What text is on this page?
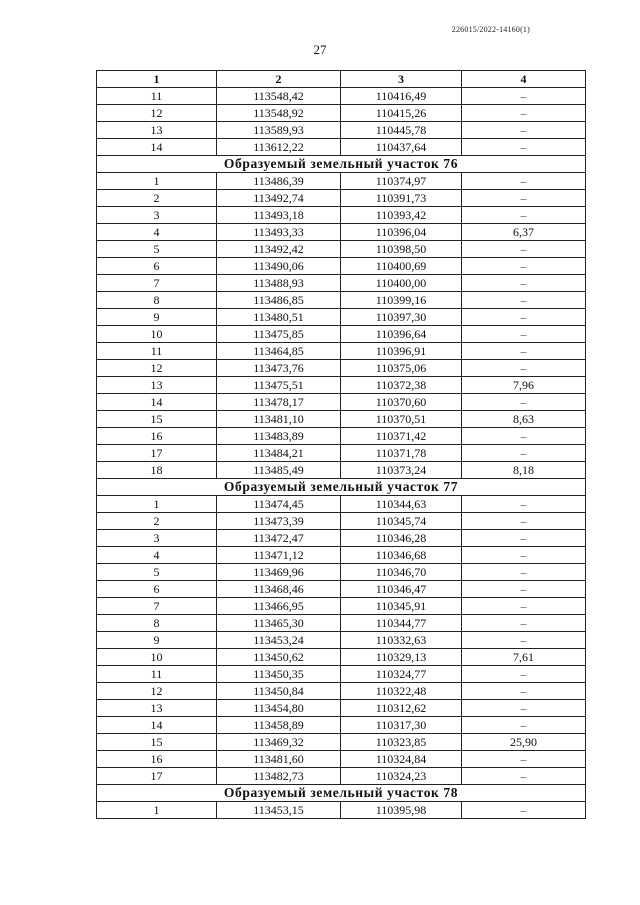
226015/2022-14160(1)
27
1	2	3	4
11	113548,42	110416,49	–
12	113548,92	110415,26	–
13	113589,93	110445,78	–
14	113612,22	110437,64	–
Образуемый земельный участок 76			
1	113486,39	110374,97	–
2	113492,74	110391,73	–
3	113493,18	110393,42	–
4	113493,33	110396,04	6,37
5	113492,42	110398,50	–
6	113490,06	110400,69	–
7	113488,93	110400,00	–
8	113486,85	110399,16	–
9	113480,51	110397,30	–
10	113475,85	110396,64	–
11	113464,85	110396,91	–
12	113473,76	110375,06	–
13	113475,51	110372,38	7,96
14	113478,17	110370,60	–
15	113481,10	110370,51	8,63
16	113483,89	110371,42	–
17	113484,21	110371,78	–
18	113485,49	110373,24	8,18
Образуемый земельный участок 77			
1	113474,45	110344,63	–
2	113473,39	110345,74	–
3	113472,47	110346,28	–
4	113471,12	110346,68	–
5	113469,96	110346,70	–
6	113468,46	110346,47	–
7	113466,95	110345,91	–
8	113465,30	110344,77	–
9	113453,24	110332,63	–
10	113450,62	110329,13	7,61
11	113450,35	110324,77	–
12	113450,84	110322,48	–
13	113454,80	110312,62	–
14	113458,89	110317,30	–
15	113469,32	110323,85	25,90
16	113481,60	110324,84	–
17	113482,73	110324,23	–
Образуемый земельный участок 78			
1	113453,15	110395,98	–
